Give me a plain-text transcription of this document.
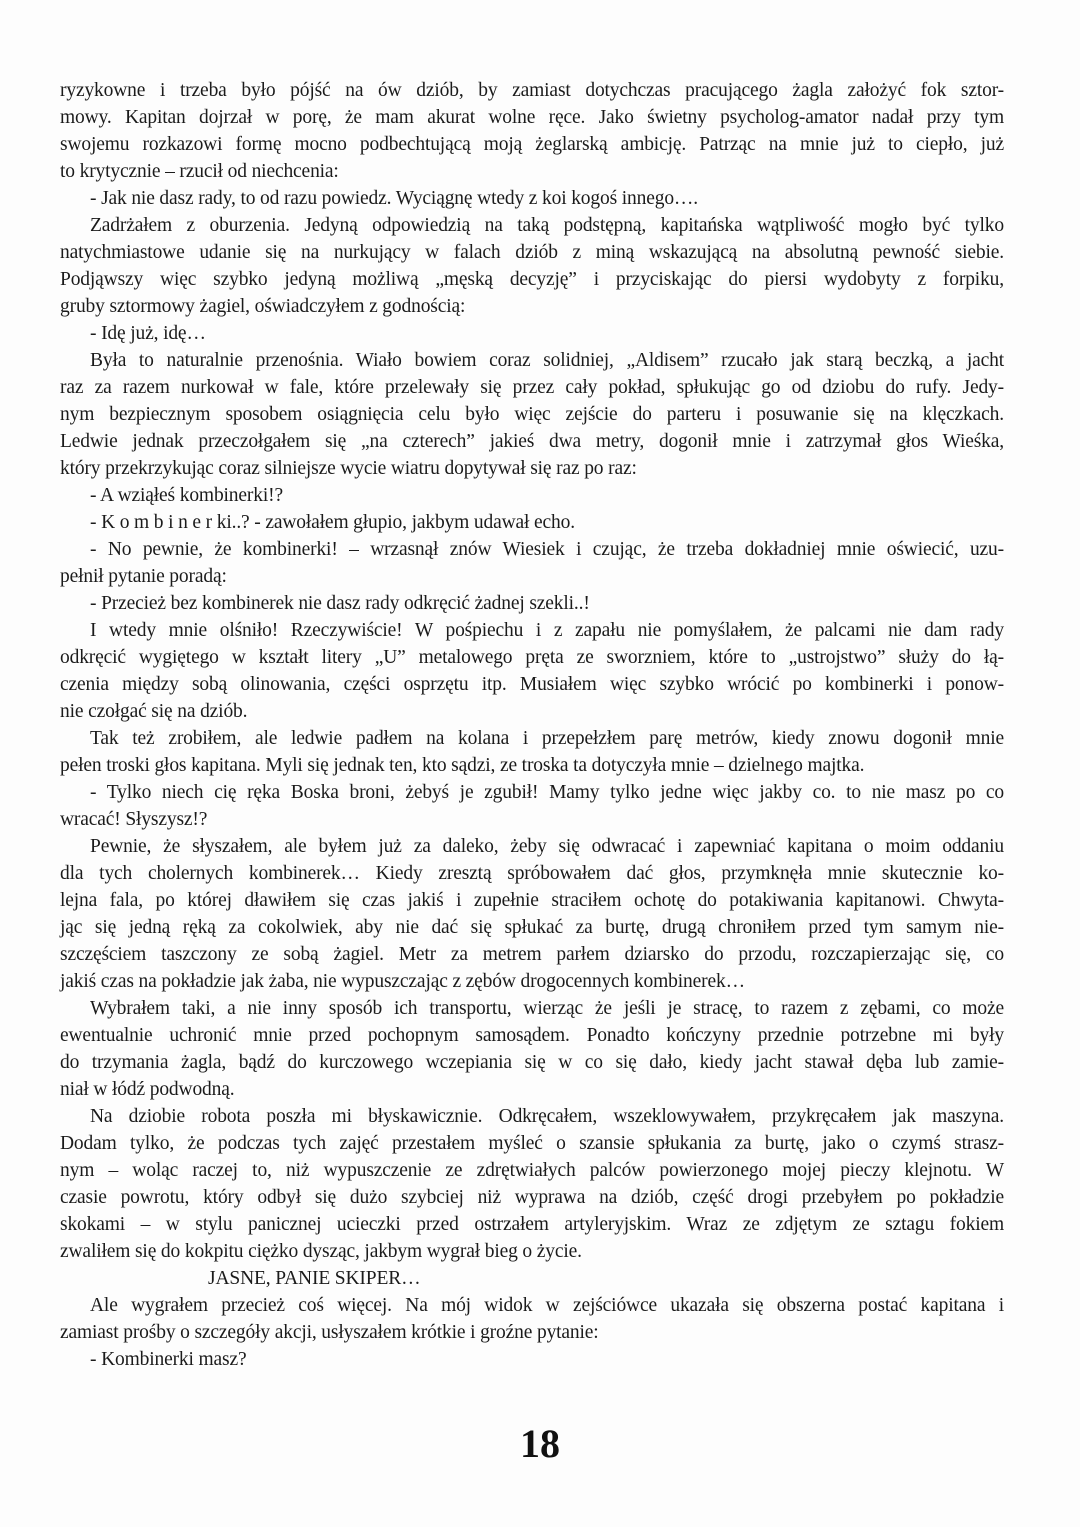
ryzykowne i trzeba było pójść na ów dziób, by zamiast dotychczas pracującego żagla założyć fok sztor-
mowy. Kapitan dojrzał w porę, że mam akurat wolne ręce. Jako świetny psycholog-amator nadał przy tym
swojemu rozkazowi formę mocno podbechtującą moją żeglarską ambicję. Patrząc na mnie już to ciepło, już
to krytycznie – rzucił od niechcenia:
- Jak nie dasz rady, to od razu powiedz. Wyciągnę wtedy z koi kogoś innego….
Zadrżałem z oburzenia. Jedyną odpowiedzią na taką podstępną, kapitańska wątpliwość mogło być tylko
natychmiastowe udanie się na nurkujący w falach dziób z miną wskazującą na absolutną pewność siebie.
Podjąwszy więc szybko jedyną możliwą „męską decyzję” i przyciskając do piersi wydobyty z forpiku,
gruby sztormowy żagiel, oświadczyłem z godnością:
- Idę już, idę…
Była to naturalnie przenośnia. Wiało bowiem coraz solidniej, „Aldisem” rzucało jak starą beczką, a jacht
raz za razem nurkował w fale, które przelewały się przez cały pokład, spłukując go od dziobu do rufy. Jedy-
nym bezpiecznym sposobem osiągnięcia celu było więc zejście do parteru i posuwanie się na klęczkach.
Ledwie jednak przeczołgałem się „na czterech” jakieś dwa metry, dogonił mnie i zatrzymał głos Wieśka,
który przekrzykując coraz silniejsze wycie wiatru dopytywał się raz po raz:
- A wziąłeś kombinerki!?
- K o m b i n e r ki..? - zawołałem głupio, jakbym udawał echo.
- No pewnie, że kombinerki! – wrzasnął znów Wiesiek i czując, że trzeba dokładniej mnie oświecić, uzu-
pełnił pytanie poradą:
- Przecież bez kombinerek nie dasz rady odkręcić żadnej szekli..!
I wtedy mnie olśniło! Rzeczywiście! W pośpiechu i z zapału nie pomyślałem, że palcami nie dam rady
odkręcić wygiętego w kształt litery „U” metalowego pręta ze sworzniem, które to „ustrojstwo” służy do łą-
czenia między sobą olinowania, części osprzętu itp. Musiałem więc szybko wrócić po kombinerki i ponow-
nie czołgać się na dziób.
Tak też zrobiłem, ale ledwie padłem na kolana i przepełzłem parę metrów, kiedy znowu dogonił mnie
pełen troski głos kapitana. Myli się jednak ten, kto sądzi, ze troska ta dotyczyła mnie – dzielnego majtka.
- Tylko niech cię ręka Boska broni, żebyś je zgubił! Mamy tylko jedne więc jakby co. to nie masz po co
wracać! Słyszysz!?
Pewnie, że słyszałem, ale byłem już za daleko, żeby się odwracać i zapewniać kapitana o moim oddaniu
dla tych cholernych kombinerek… Kiedy zresztą spróbowałem dać głos, przymknęła mnie skutecznie ko-
lejna fala, po której dławiłem się czas jakiś i zupełnie straciłem ochotę do potakiwania kapitanowi. Chwyta-
jąc się jedną ręką za cokolwiek, aby nie dać się spłukać za burtę, drugą chroniłem przed tym samym nie-
szczęściem taszczony ze sobą żagiel. Metr za metrem parłem dziarsko do przodu, rozczapierzając się, co
jakiś czas na pokładzie jak żaba, nie wypuszczając z zębów drogocennych kombinerek…
Wybrałem taki, a nie inny sposób ich transportu, wierząc że jeśli je stracę, to razem z zębami, co może
ewentualnie uchronić mnie przed pochopnym samosądem. Ponadto kończyny przednie potrzebne mi były
do trzymania żagla, bądź do kurczowego wczepiania się w co się dało, kiedy jacht stawał dęba lub zamie-
niał w łódź podwodną.
Na dziobie robota poszła mi błyskawicznie. Odkręcałem, wszeklowywałem, przykręcałem jak maszyna.
Dodam tylko, że podczas tych zajęć przestałem myśleć o szansie spłukania za burtę, jako o czymś strasz-
nym – woląc raczej to, niż wypuszczenie ze zdrętwiałych palców powierzonego mojej pieczy klejnotu. W
czasie powrotu, który odbył się dużo szybciej niż wyprawa na dziób, część drogi przebyłem po pokładzie
skokami – w stylu panicznej ucieczki przed ostrzałem artyleryjskim. Wraz ze zdjętym ze sztagu fokiem
zwaliłem się do kokpitu ciężko dysząc, jakbym wygrał bieg o życie.
JASNE, PANIE SKIPER…
Ale wygrałem przecież coś więcej. Na mój widok w zejściówce ukazała się obszerna postać kapitana i
zamiast prośby o szczegóły akcji, usłyszałem krótkie i groźne pytanie:
- Kombinerki masz?
18
